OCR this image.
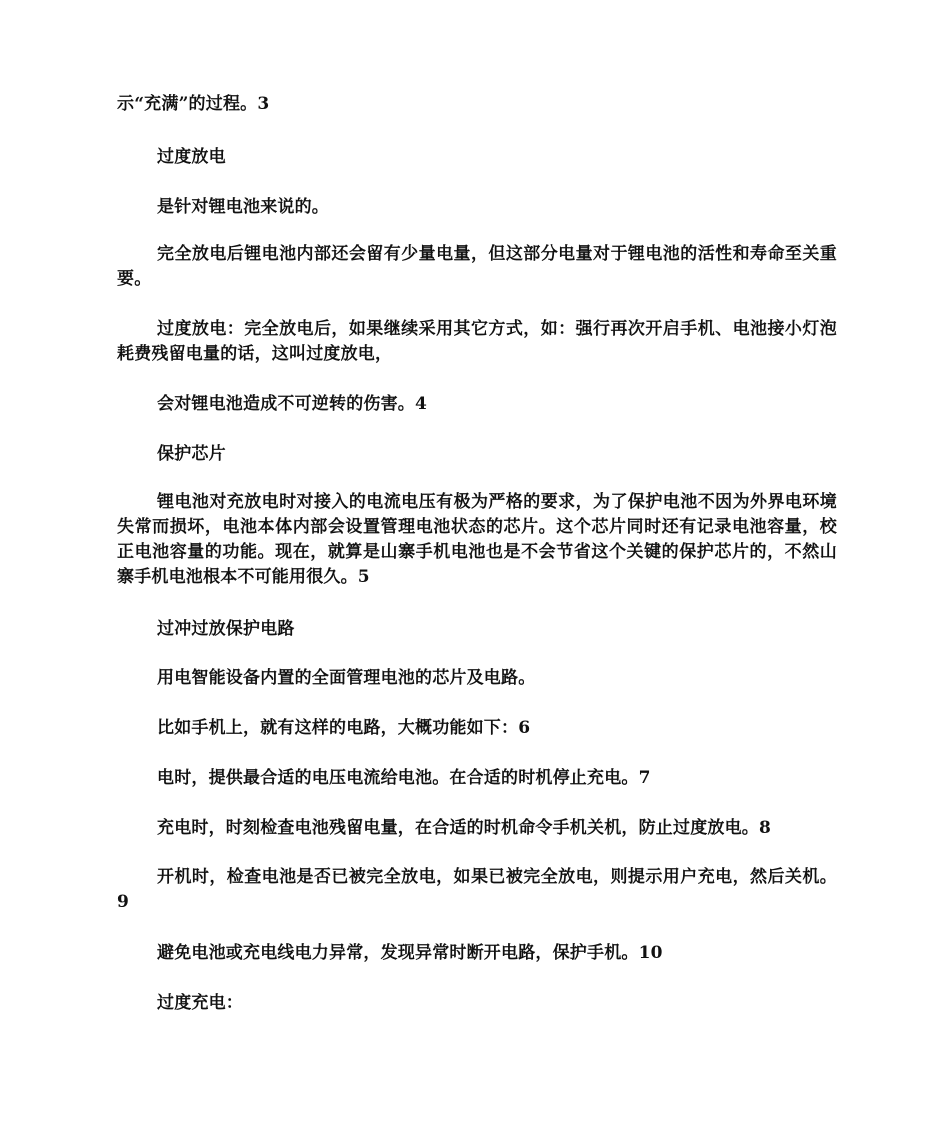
示“充满”的过程。3

过度放电

是针对锂电池来说的。

完全放电后锂电池内部还会留有少量电量，但这部分电量对于锂电池的活性和寿命至关重要。

过度放电：完全放电后，如果继续采用其它方式，如：强行再次开启手机、电池接小灯泡耗费残留电量的话，这叫过度放电，

会对锂电池造成不可逆转的伤害。4

保护芯片

锂电池对充放电时对接入的电流电压有极为严格的要求，为了保护电池不因为外界电环境失常而损坏，电池本体内部会设置管理电池状态的芯片。这个芯片同时还有记录电池容量，校正电池容量的功能。现在，就算是山寨手机电池也是不会节省这个关键的保护芯片的，不然山寨手机电池根本不可能用很久。5

过冲过放保护电路

用电智能设备内置的全面管理电池的芯片及电路。

比如手机上，就有这样的电路，大概功能如下：6

电时，提供最合适的电压电流给电池。在合适的时机停止充电。7

充电时，时刻检查电池残留电量，在合适的时机命令手机关机，防止过度放电。8

开机时，检查电池是否已被完全放电，如果已被完全放电，则提示用户充电，然后关机。9

避免电池或充电线电力异常，发现异常时断开电路，保护手机。10

过度充电：
